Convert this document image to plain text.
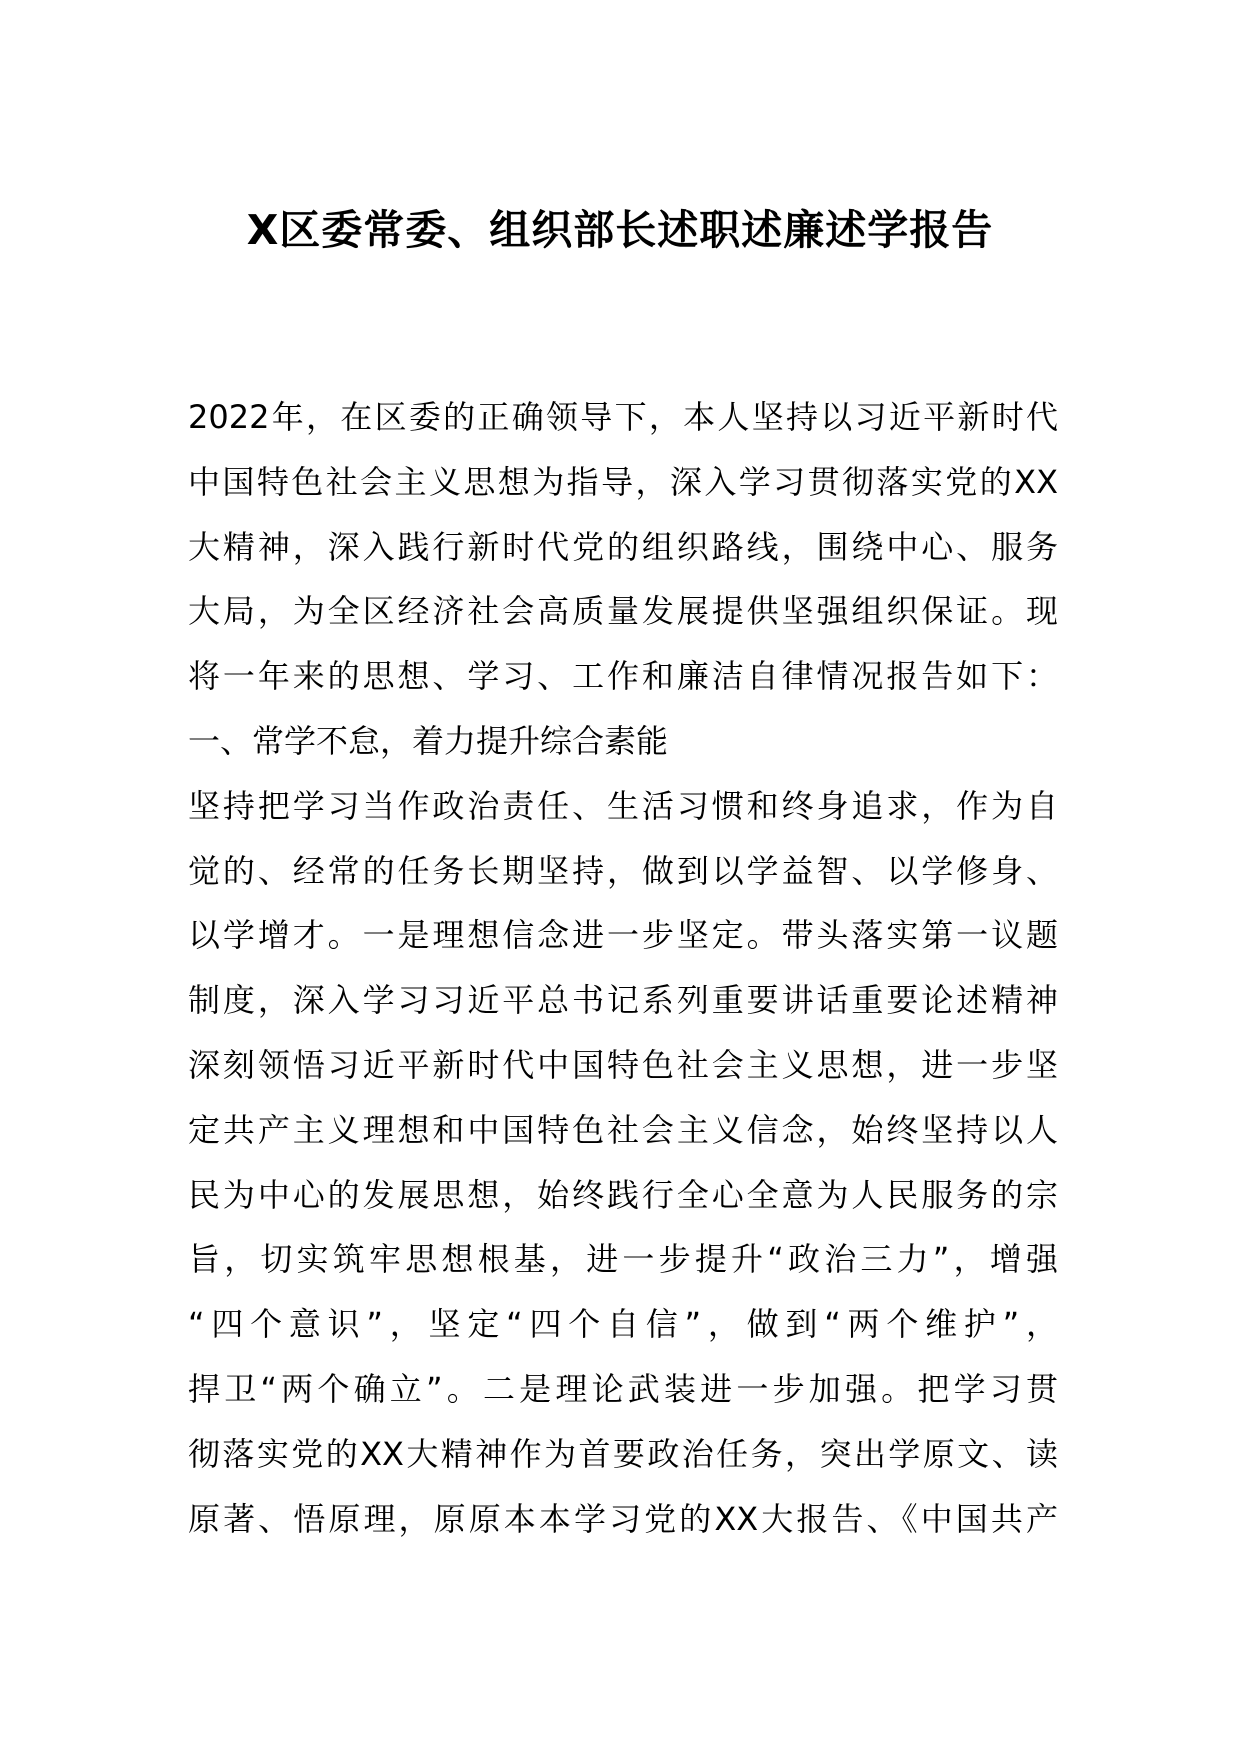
X区委常委、组织部长述职述廉述学报告
2022年，在区委的正确领导下，本人坚持以习近平新时代
中国特色社会主义思想为指导，深入学习贯彻落实党的XX
大精神，深入践行新时代党的组织路线，围绕中心、服务
大局，为全区经济社会高质量发展提供坚强组织保证。现
将一年来的思想、学习、工作和廉洁自律情况报告如下：
一、常学不怠，着力提升综合素能
坚持把学习当作政治责任、生活习惯和终身追求，作为自
觉的、经常的任务长期坚持，做到以学益智、以学修身、
以学增才。一是理想信念进一步坚定。带头落实第一议题
制度，深入学习习近平总书记系列重要讲话重要论述精神
深刻领悟习近平新时代中国特色社会主义思想，进一步坚
定共产主义理想和中国特色社会主义信念，始终坚持以人
民为中心的发展思想，始终践行全心全意为人民服务的宗
旨，切实筑牢思想根基，进一步提升“政治三力”，增强
“四个意识”，坚定“四个自信”，做到“两个维护”，
捍卫“两个确立”。二是理论武装进一步加强。把学习贯
彻落实党的XX大精神作为首要政治任务，突出学原文、读
原著、悟原理，原原本本学习党的XX大报告、《中国共产
